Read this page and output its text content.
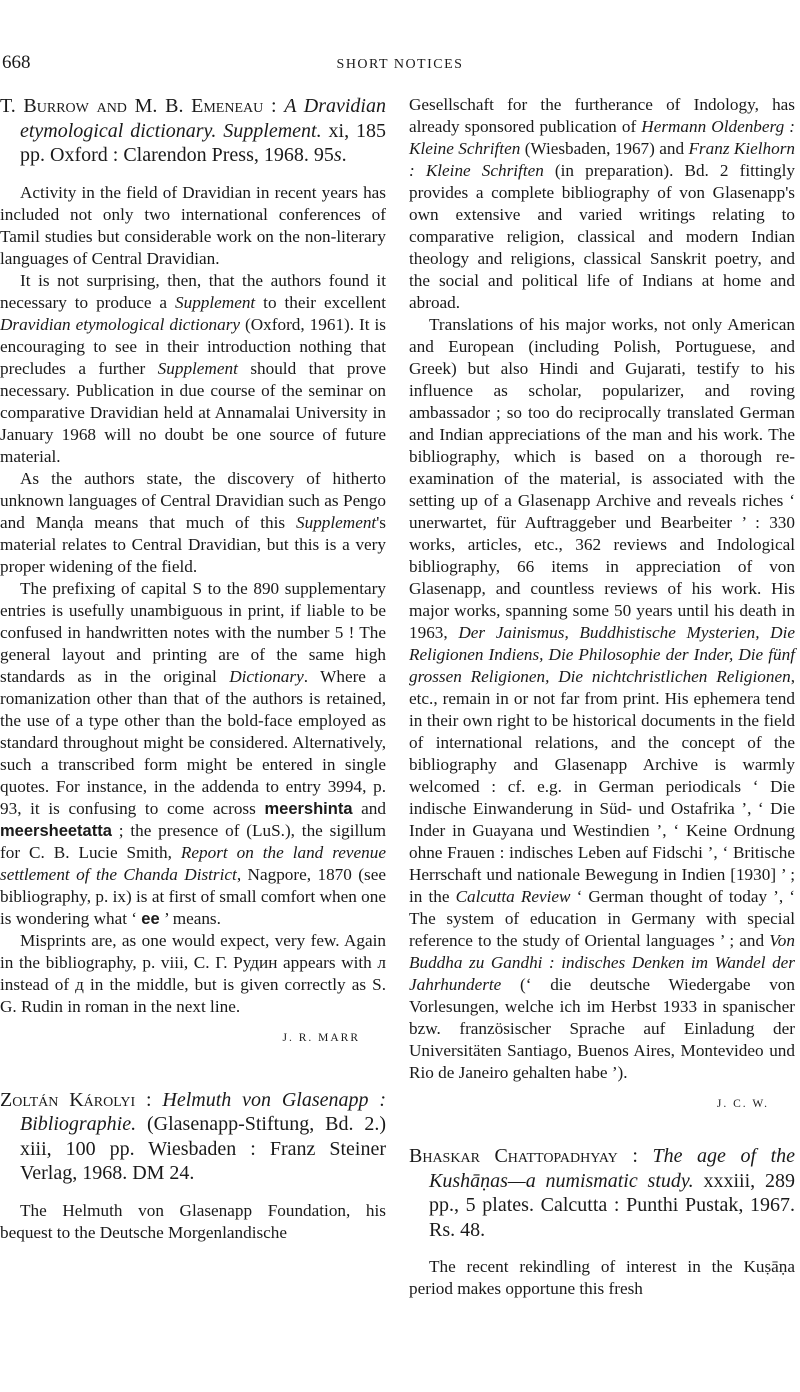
668	SHORT NOTICES
T. Burrow and M. B. Emeneau : A Dravidian etymological dictionary. Supplement. xi, 185 pp. Oxford : Clarendon Press, 1968. 95s.

Activity in the field of Dravidian in recent years has included not only two international conferences of Tamil studies but considerable work on the non-literary languages of Central Dravidian.

It is not surprising, then, that the authors found it necessary to produce a Supplement to their excellent Dravidian etymological dictionary (Oxford, 1961). It is encouraging to see in their introduction nothing that precludes a further Supplement should that prove necessary. Publication in due course of the seminar on comparative Dravidian held at Annamalai University in January 1968 will no doubt be one source of future material.

As the authors state, the discovery of hitherto unknown languages of Central Dravidian such as Pengo and Manḍa means that much of this Supplement's material relates to Central Dravidian, but this is a very proper widening of the field.

The prefixing of capital S to the 890 supplementary entries is usefully unambiguous in print, if liable to be confused in handwritten notes with the number 5 ! The general layout and printing are of the same high standards as in the original Dictionary. Where a romanization other than that of the authors is retained, the use of a type other than the bold-face employed as standard throughout might be considered. Alternatively, such a transcribed form might be entered in single quotes. For instance, in the addenda to entry 3994, p. 93, it is confusing to come across meershinta and meersheetatta ; the presence of (LuS.), the sigillum for C. B. Lucie Smith, Report on the land revenue settlement of the Chanda District, Nagpore, 1870 (see bibliography, p. ix) is at first of small comfort when one is wondering what ‘ ee ’ means.

Misprints are, as one would expect, very few. Again in the bibliography, p. viii, С. Г. Рудин appears with л instead of д in the middle, but is given correctly as S. G. Rudin in roman in the next line.

J. R. MARR
Zoltán Károlyi : Helmuth von Glasenapp : Bibliographie. (Glasenapp-Stiftung, Bd. 2.) xiii, 100 pp. Wiesbaden : Franz Steiner Verlag, 1968. DM 24.

The Helmuth von Glasenapp Foundation, his bequest to the Deutsche Morgenlandische

Gesellschaft for the furtherance of Indology, has already sponsored publication of Hermann Oldenberg : Kleine Schriften (Wiesbaden, 1967) and Franz Kielhorn : Kleine Schriften (in preparation). Bd. 2 fittingly provides a complete bibliography of von Glasenapp's own extensive and varied writings relating to comparative religion, classical and modern Indian theology and religions, classical Sanskrit poetry, and the social and political life of Indians at home and abroad.

Translations of his major works, not only American and European (including Polish, Portuguese, and Greek) but also Hindi and Gujarati, testify to his influence as scholar, popularizer, and roving ambassador ; so too do reciprocally translated German and Indian appreciations of the man and his work. The bibliography, which is based on a thorough re-examination of the material, is associated with the setting up of a Glasenapp Archive and reveals riches ‘ unerwartet, für Auftraggeber und Bearbeiter ’ : 330 works, articles, etc., 362 reviews and Indological bibliography, 66 items in appreciation of von Glasenapp, and countless reviews of his work. His major works, spanning some 50 years until his death in 1963, Der Jainismus, Buddhistische Mysterien, Die Religionen Indiens, Die Philosophie der Inder, Die fünf grossen Religionen, Die nichtchristlichen Religionen, etc., remain in or not far from print. His ephemera tend in their own right to be historical documents in the field of international relations, and the concept of the bibliography and Glasenapp Archive is warmly welcomed : cf. e.g. in German periodicals ‘ Die indische Einwanderung in Süd- und Ostafrika ’, ‘ Die Inder in Guayana und Westindien ’, ‘ Keine Ordnung ohne Frauen : indisches Leben auf Fidschi ’, ‘ Britische Herrschaft und nationale Bewegung in Indien [1930] ’ ; in the Calcutta Review ‘ German thought of today ’, ‘ The system of education in Germany with special reference to the study of Oriental languages ’ ; and Von Buddha zu Gandhi : indisches Denken im Wandel der Jahrhunderte (‘ die deutsche Wiedergabe von Vorlesungen, welche ich im Herbst 1933 in spanischer bzw. französischer Sprache auf Einladung der Universitäten Santiago, Buenos Aires, Montevideo und Rio de Janeiro gehalten habe ’).

J. C. W.
Bhaskar Chattopadhyay : The age of the Kushāṇas—a numismatic study. xxxiii, 289 pp., 5 plates. Calcutta : Punthi Pustak, 1967. Rs. 48.

The recent rekindling of interest in the Kuṣāṇa period makes opportune this fresh
